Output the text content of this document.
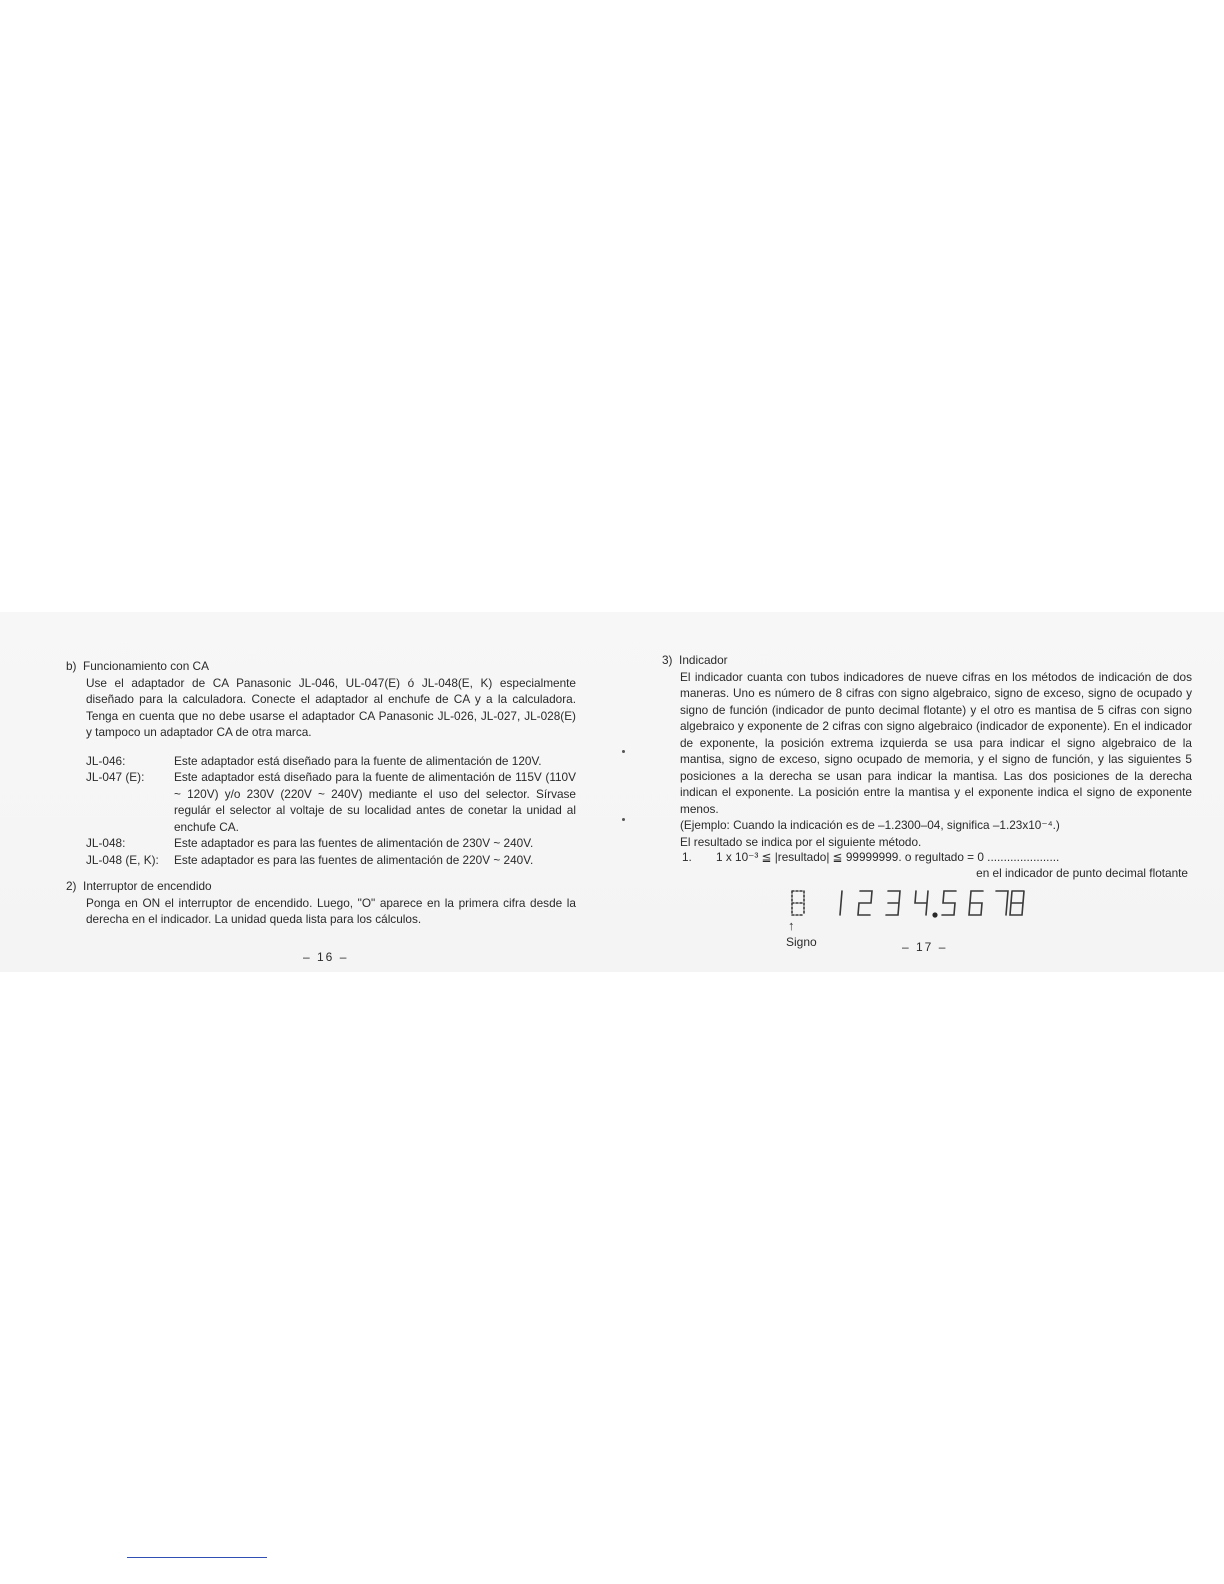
b)  Funcionamiento con CA

Use el adaptador de CA Panasonic JL-046, UL-047(E) ó JL-048(E, K) especialmente diseñado para la calculadora. Conecte el adaptador al enchufe de CA y a la calculadora. Tenga en cuenta que no debe usarse el adaptador CA Panasonic JL-026, JL-027, JL-028(E) y tampoco un adaptador CA de otra marca.

JL-046:	Este adaptador está diseñado para la fuente de alimentación de 120V.
JL-047 (E):	Este adaptador está diseñado para la fuente de alimentación de 115V (110V ~ 120V) y/o 230V (220V ~ 240V) mediante el uso del selector. Sírvase regulár el selector al voltaje de su localidad antes de conetar la unidad al enchufe CA.
JL-048:	Este adaptador es para las fuentes de alimentación de 230V ~ 240V.
JL-048 (E, K):	Este adaptador es para las fuentes de alimentación de 220V ~ 240V.

2)  Interruptor de encendido

Ponga en ON el interruptor de encendido. Luego, "O" aparece en la primera cifra desde la derecha en el indicador. La unidad queda lista para los cálculos.

– 16 –

3)  Indicador

El indicador cuanta con tubos indicadores de nueve cifras en los métodos de indicación de dos maneras. Uno es número de 8 cifras con signo algebraico, signo de exceso, signo de ocupado y signo de función (indicador de punto decimal flotante) y el otro es mantisa de 5 cifras con signo algebraico y exponente de 2 cifras con signo algebraico (indicador de exponente). En el indicador de exponente, la posición extrema izquierda se usa para indicar el signo algebraico de la mantisa, signo de exceso, signo ocupado de memoria, y el signo de función, y las siguientes 5 posiciones a la derecha se usan para indicar la mantisa. Las dos posiciones de la derecha indican el exponente. La posición entre la mantisa y el exponente indica el signo de exponente menos.

(Ejemplo: Cuando la indicación es de –1.2300–04, significa –1.23x10⁻⁴.)

El resultado se indica por el siguiente método.

1. 1 x 10⁻³ ≦ |resultado| ≦ 99999999. o regultado = 0 ......................
en el indicador de punto decimal flotante
↑
Signo	– 17 –
